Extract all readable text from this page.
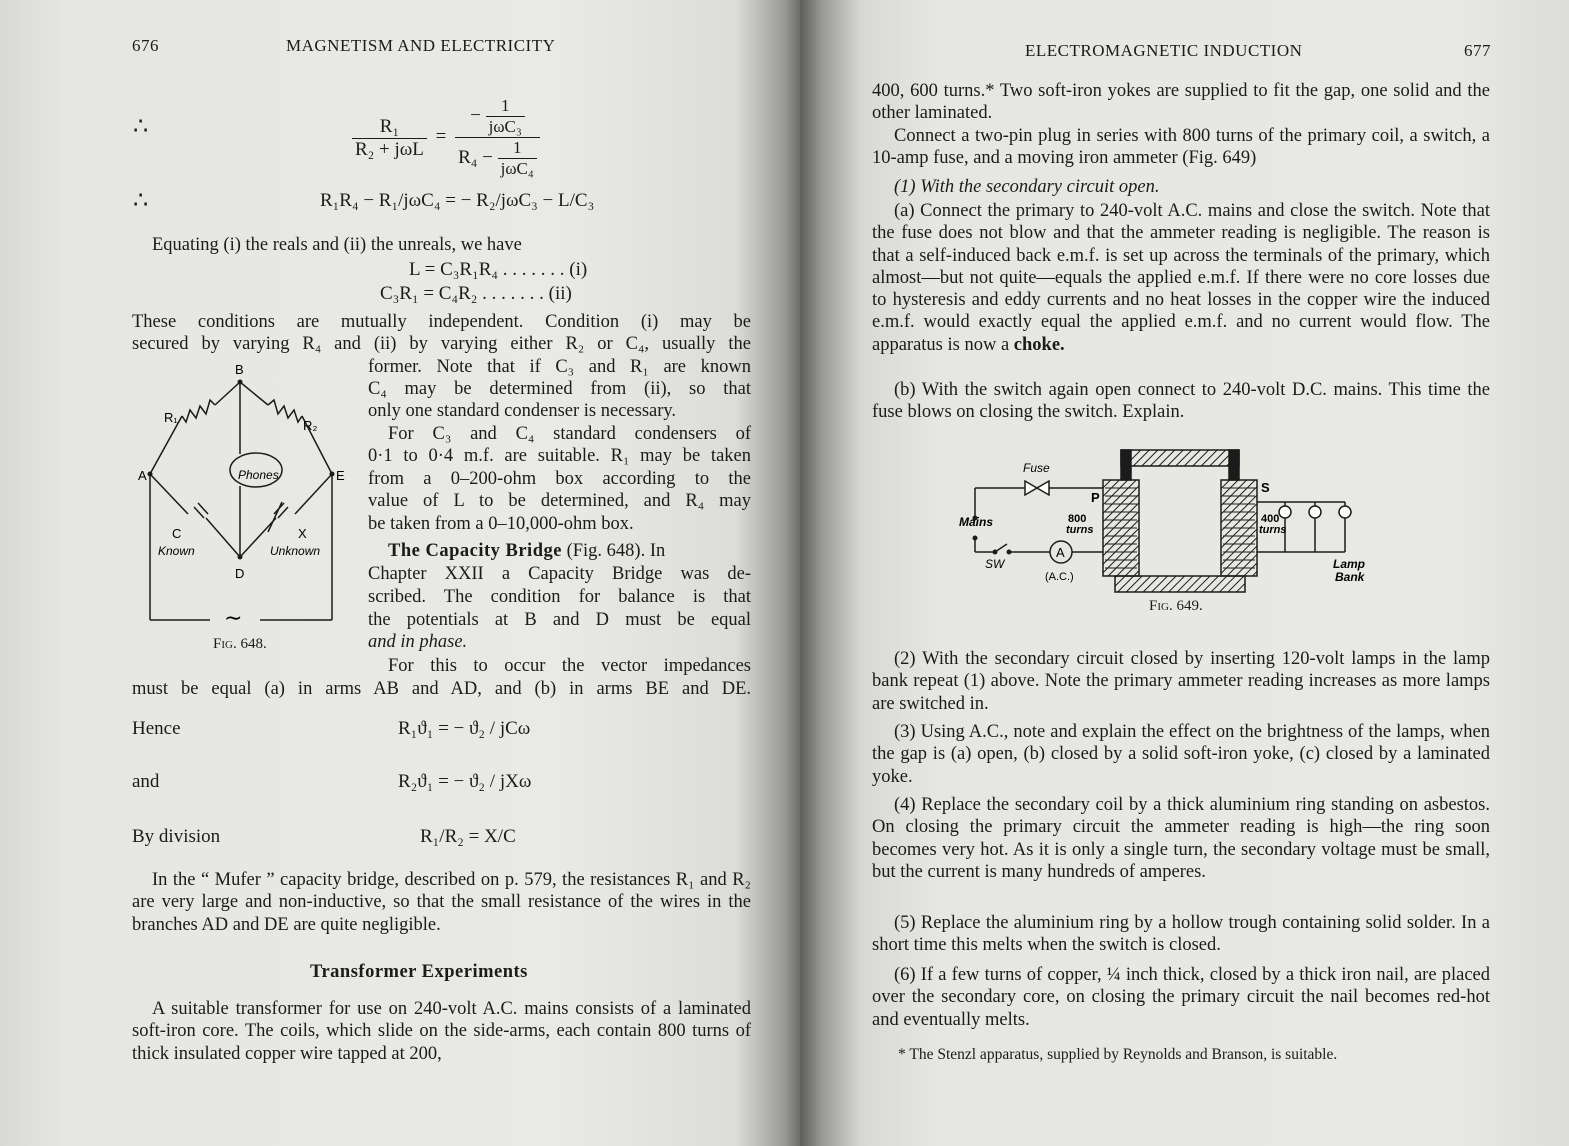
676	MAGNETISM AND ELECTRICITY
∴	$\frac{\text{R₁}}{\text{R₂ + jωL}} = \frac{- \frac{1}{\text{jωC₃}}}{R_4 - \frac{1}{\text{jωC₄}}}$
∴	R₁R₄ − R₁/jωC₄ = − R₂/jωC₃ − L/C₃
Equating (i) the reals and (ii) the unreals, we have
L = C₃R₁R₄ . . . . . . . (i)
C₃R₁ = C₄R₂ . . . . . . . (ii)
These conditions are mutually independent. Condition (i) may be
secured by varying R₄ and (ii) by varying either R₂ or C₄, usually the
former. Note that if C₃ and R₁ are known
C₄ may be determined from (ii), so that
only one standard condenser is necessary.
For C₃ and C₄ standard condensers of
0·1 to 0·4 m.f. are suitable. R₁ may be taken
from a 0–200-ohm box according to the
value of L to be determined, and R₄ may
be taken from a 0–10,000-ohm box.
The Capacity Bridge (Fig. 648). In
Chapter XXII a Capacity Bridge was de-
scribed. The condition for balance is that
the potentials at B and D must be equal
and in phase.
For this to occur the vector impedances
must be equal (a) in arms AB and AD, and (b) in arms BE and DE.
B
A	E
D
R₁
R₂
C	X
Phones
Known	Unknown
∼
Fig. 648.
Hence	R₁ϑ₁ = − ϑ₂ / jCω
and	R₂ϑ₁ = − ϑ₂ / jXω
By division	R₁/R₂ = X/C
In the “ Mufer ” capacity bridge, described on p. 579, the resistances R₁ and R₂ are very large and non-inductive, so that the small resistance of the wires in the branches AD and DE are quite negligible.
Transformer Experiments
A suitable transformer for use on 240-volt A.C. mains consists of a laminated soft-iron core. The coils, which slide on the side-arms, each contain 800 turns of thick insulated copper wire tapped at 200,
ELECTROMAGNETIC INDUCTION	677
400, 600 turns.* Two soft-iron yokes are supplied to fit the gap, one solid and the other laminated.
Connect a two-pin plug in series with 800 turns of the primary coil, a switch, a 10-amp fuse, and a moving iron ammeter (Fig. 649)
(1) With the secondary circuit open.
(a) Connect the primary to 240-volt A.C. mains and close the switch. Note that the fuse does not blow and that the ammeter reading is negligible. The reason is that a self-induced back e.m.f. is set up across the terminals of the primary, which almost—but not quite—equals the applied e.m.f. If there were no core losses due to hysteresis and eddy currents and no heat losses in the copper wire the induced e.m.f. would exactly equal the applied e.m.f. and no current would flow. The apparatus is now a choke.
(b) With the switch again open connect to 240-volt D.C. mains. This time the fuse blows on closing the switch. Explain.
Fuse
Mains
SW
A
(A.C.)
P
S
800
turns
400
turns
Lamp
Bank
Fig. 649.
(2) With the secondary circuit closed by inserting 120-volt lamps in the lamp bank repeat (1) above. Note the primary ammeter reading increases as more lamps are switched in.
(3) Using A.C., note and explain the effect on the brightness of the lamps, when the gap is (a) open, (b) closed by a solid soft-iron yoke, (c) closed by a laminated yoke.
(4) Replace the secondary coil by a thick aluminium ring standing on asbestos. On closing the primary circuit the ammeter reading is high—the ring soon becomes very hot. As it is only a single turn, the secondary voltage must be small, but the current is many hundreds of amperes.
(5) Replace the aluminium ring by a hollow trough containing solid solder. In a short time this melts when the switch is closed.
(6) If a few turns of copper, ¼ inch thick, closed by a thick iron nail, are placed over the secondary core, on closing the primary circuit the nail becomes red-hot and eventually melts.
* The Stenzl apparatus, supplied by Reynolds and Branson, is suitable.
